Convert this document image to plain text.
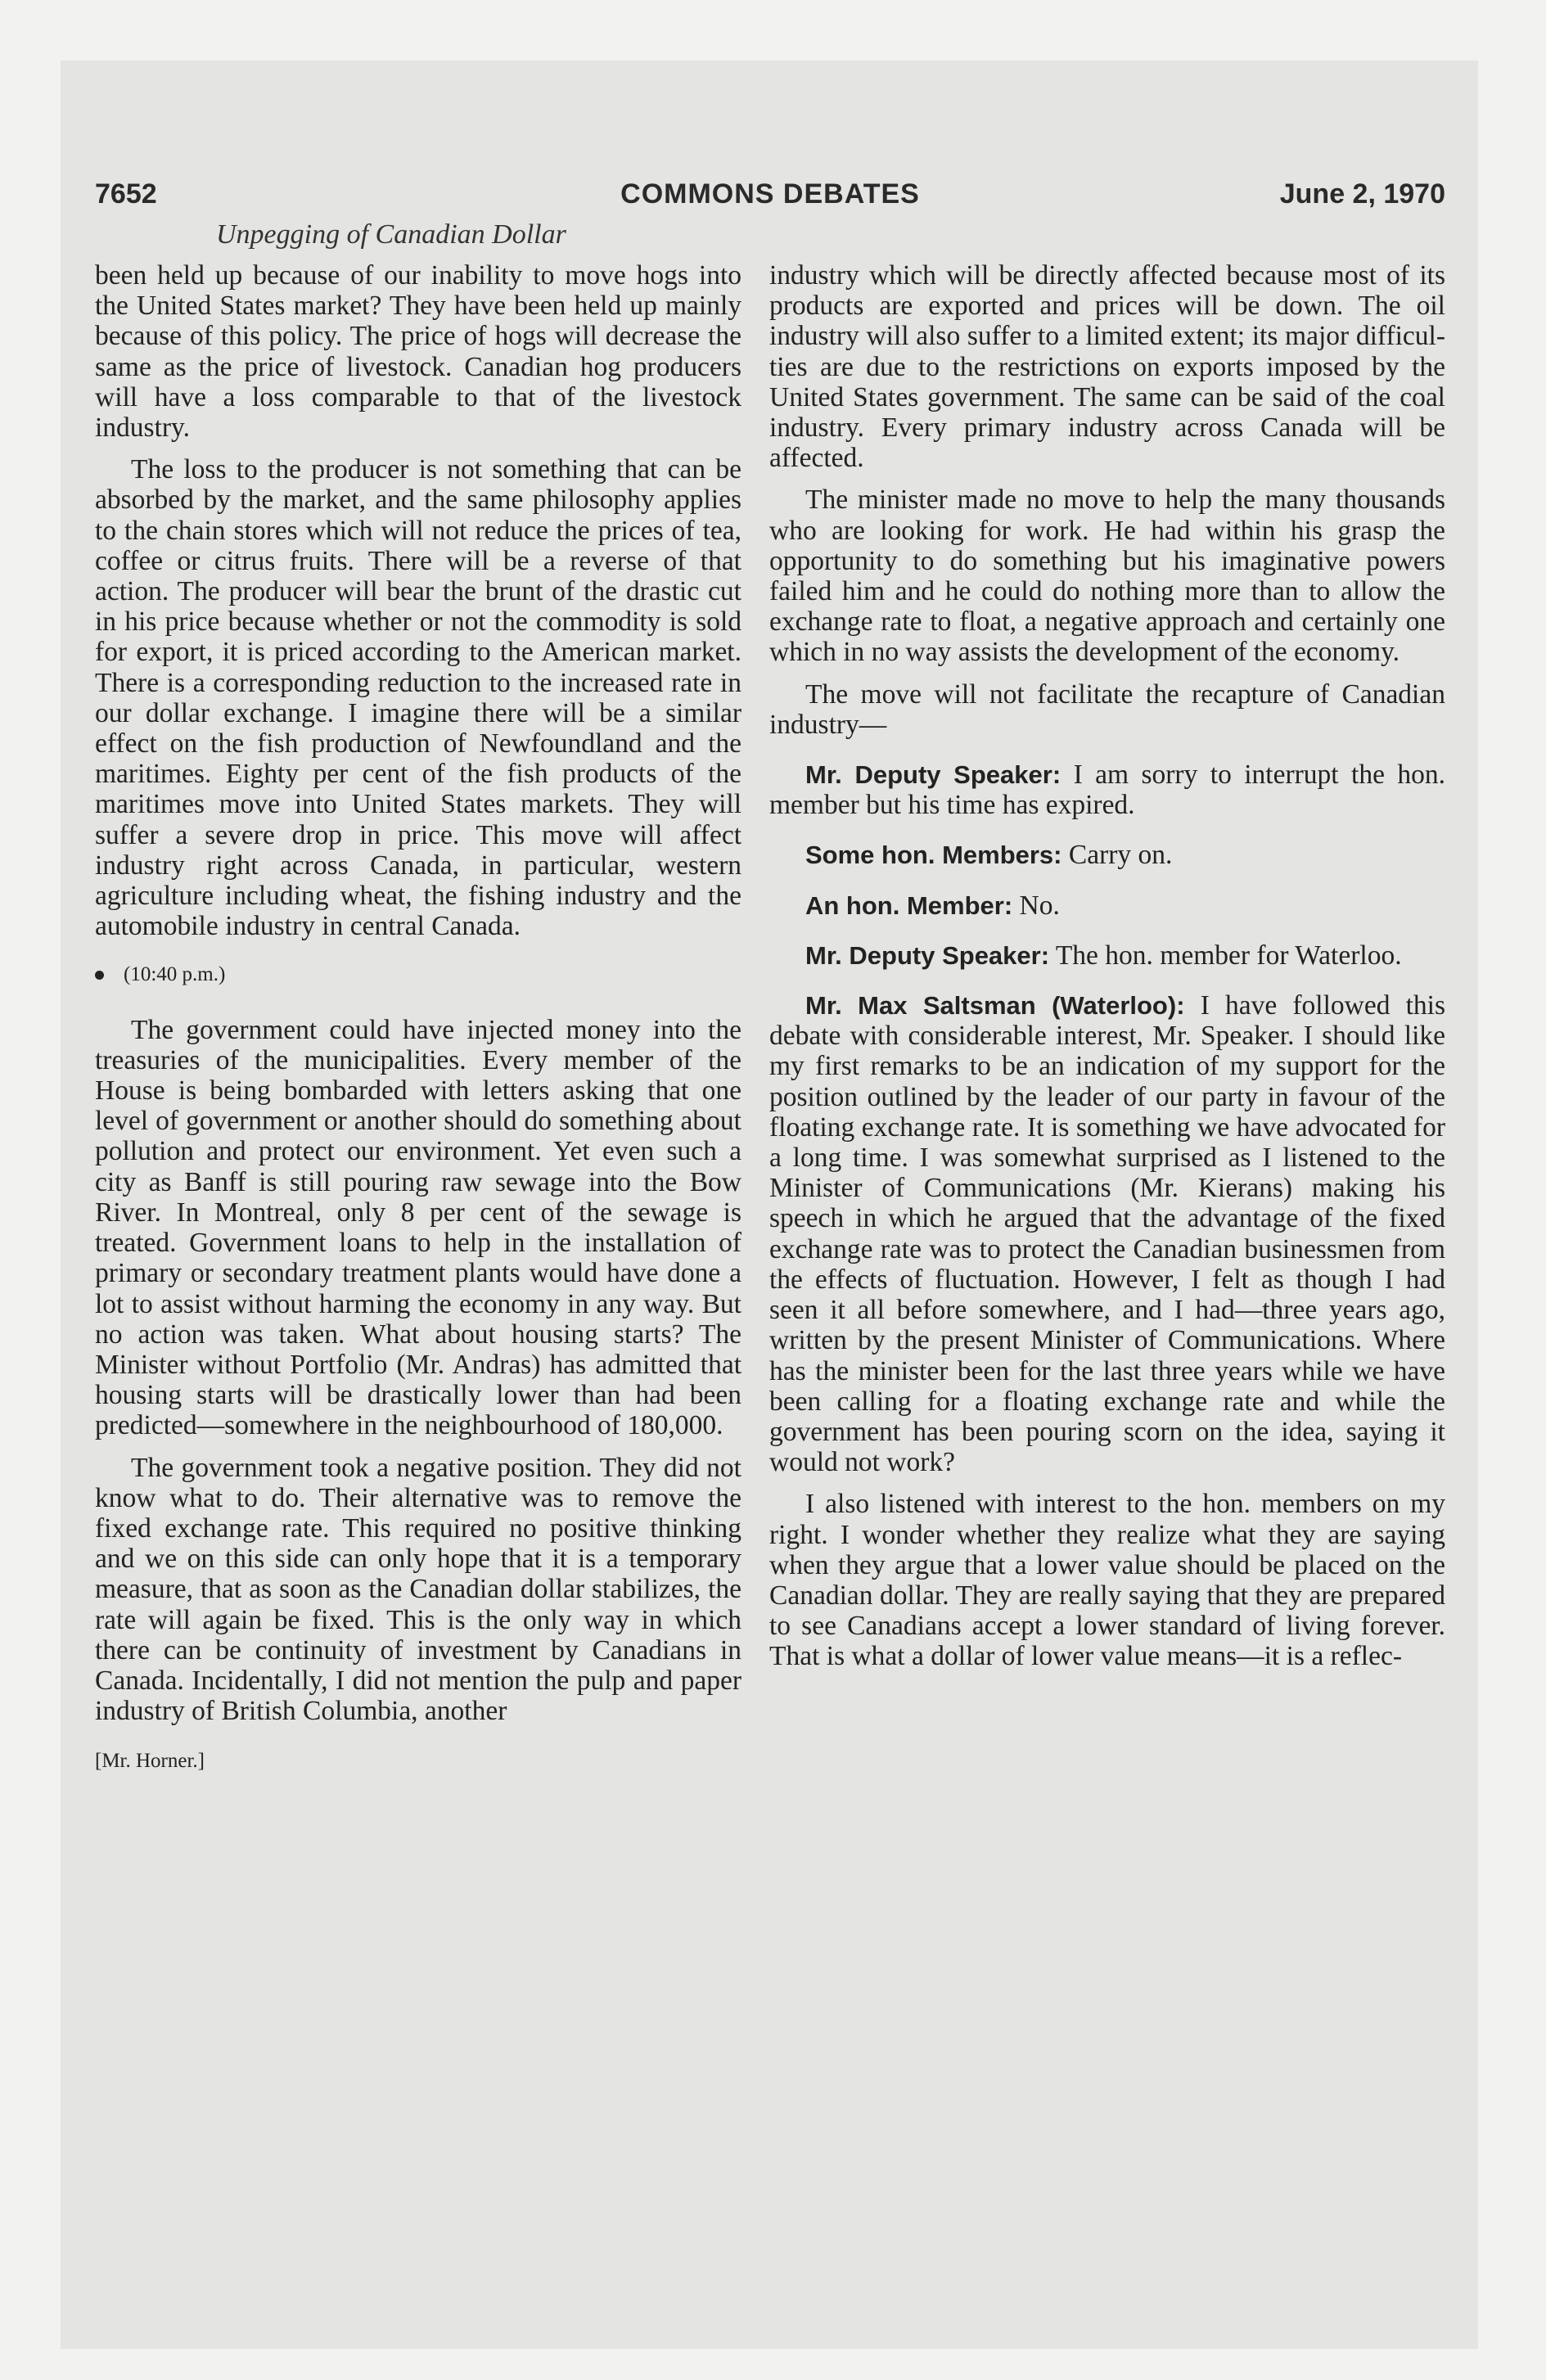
7652	COMMONS DEBATES	June 2, 1970
Unpegging of Canadian Dollar

been held up because of our inability to move hogs into the United States market? They have been held up mainly because of this policy. The price of hogs will decrease the same as the price of livestock. Canadian hog producers will have a loss comparable to that of the livestock industry.

The loss to the producer is not something that can be absorbed by the market, and the same philosophy applies to the chain stores which will not reduce the prices of tea, coffee or citrus fruits. There will be a reverse of that action. The producer will bear the brunt of the drastic cut in his price because whether or not the commodity is sold for export, it is priced according to the American market. There is a corresponding reduction to the increased rate in our dollar exchange. I imagine there will be a similar effect on the fish production of Newfoundland and the maritimes. Eighty per cent of the fish products of the maritimes move into United States markets. They will suffer a severe drop in price. This move will affect industry right across Canada, in particular, western agriculture including wheat, the fishing industry and the automobile industry in central Canada.

(10:40 p.m.)

The government could have injected money into the treasuries of the municipalities. Every member of the House is being bombarded with letters asking that one level of government or another should do something about pollution and protect our environment. Yet even such a city as Banff is still pouring raw sewage into the Bow River. In Montreal, only 8 per cent of the sewage is treated. Government loans to help in the installation of primary or secondary treatment plants would have done a lot to assist without harming the economy in any way. But no action was taken. What about housing starts? The Minister without Portfolio (Mr. Andras) has admitted that housing starts will be drastically lower than had been predicted—somewhere in the neighbourhood of 180,000.

The government took a negative position. They did not know what to do. Their alternative was to remove the fixed exchange rate. This required no positive thinking and we on this side can only hope that it is a temporary measure, that as soon as the Canadian dollar stabilizes, the rate will again be fixed. This is the only way in which there can be continuity of investment by Canadians in Canada. Incidentally, I did not mention the pulp and paper industry of British Columbia, another

[Mr. Horner.]

industry which will be directly affected because most of its products are exported and prices will be down. The oil industry will also suffer to a limited extent; its major difficulties are due to the restrictions on exports imposed by the United States government. The same can be said of the coal industry. Every primary industry across Canada will be affected.

The minister made no move to help the many thousands who are looking for work. He had within his grasp the opportunity to do something but his imaginative powers failed him and he could do nothing more than to allow the exchange rate to float, a negative approach and certainly one which in no way assists the development of the economy.

The move will not facilitate the recapture of Canadian industry—

Mr. Deputy Speaker: I am sorry to interrupt the hon. member but his time has expired.

Some hon. Members: Carry on.

An hon. Member: No.

Mr. Deputy Speaker: The hon. member for Waterloo.

Mr. Max Saltsman (Waterloo): I have followed this debate with considerable interest, Mr. Speaker. I should like my first remarks to be an indication of my support for the position outlined by the leader of our party in favour of the floating exchange rate. It is something we have advocated for a long time. I was somewhat surprised as I listened to the Minister of Communications (Mr. Kierans) making his speech in which he argued that the advantage of the fixed exchange rate was to protect the Canadian businessmen from the effects of fluctuation. However, I felt as though I had seen it all before somewhere, and I had—three years ago, written by the present Minister of Communications. Where has the minister been for the last three years while we have been calling for a floating exchange rate and while the government has been pouring scorn on the idea, saying it would not work?

I also listened with interest to the hon. members on my right. I wonder whether they realize what they are saying when they argue that a lower value should be placed on the Canadian dollar. They are really saying that they are prepared to see Canadians accept a lower standard of living forever. That is what a dollar of lower value means—it is a reflec-
